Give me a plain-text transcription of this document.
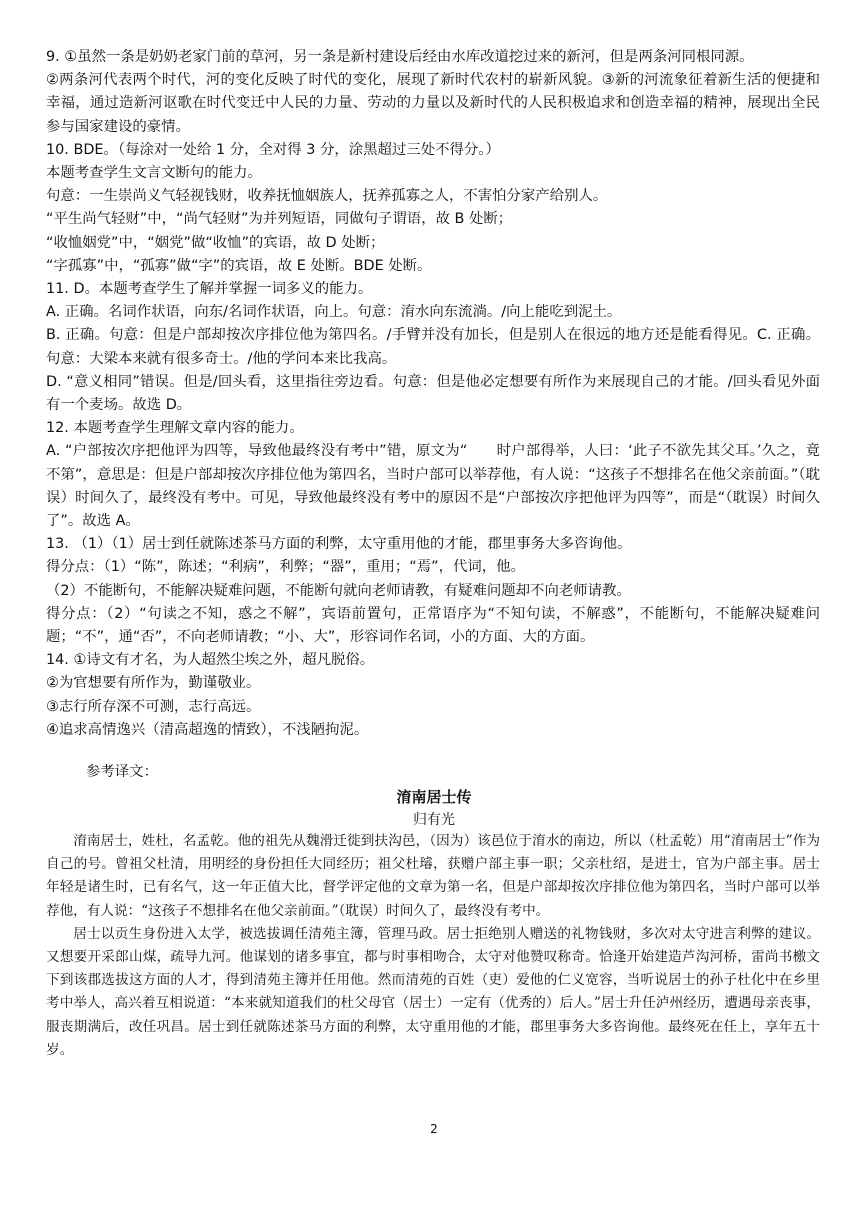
9. ①虽然一条是奶奶老家门前的草河，另一条是新村建设后经由水库改道挖过来的新河，但是两条河同根同源。

②两条河代表两个时代，河的变化反映了时代的变化，展现了新时代农村的崭新风貌。③新的河流象征着新生活的便捷和幸福，通过造新河讴歌在时代变迁中人民的力量、劳动的力量以及新时代的人民积极追求和创造幸福的精神，展现出全民参与国家建设的豪情。

10. BDE。（每涂对一处给 1 分，全对得 3 分，涂黑超过三处不得分。）

本题考查学生文言文断句的能力。

句意：一生崇尚义气轻视钱财，收养抚恤姻族人，抚养孤寡之人，不害怕分家产给别人。

“平生尚气轻财”中，“尚气轻财”为并列短语，同做句子谓语，故 B 处断；

“收恤姻党”中，“姻党”做“收恤”的宾语，故 D 处断；

“字孤寡”中，“孤寡”做“字”的宾语，故 E 处断。BDE 处断。

11. D。本题考查学生了解并掌握一词多义的能力。

A. 正确。名词作状语，向东/名词作状语，向上。句意：淯水向东流淌。/向上能吃到泥土。

B. 正确。句意：但是户部却按次序排位他为第四名。/手臂并没有加长，但是别人在很远的地方还是能看得见。C. 正确。句意：大梁本来就有很多奇士。/他的学问本来比我高。

D. “意义相同”错误。但是/回头看，这里指往旁边看。句意：但是他必定想要有所作为来展现自己的才能。/回头看见外面有一个麦场。故选 D。

12. 本题考查学生理解文章内容的能力。

A. “户部按次序把他评为四等，导致他最终没有考中”错，原文为“　　时户部得举，人曰：‘此子不欲先其父耳。’久之，竟不第”，意思是：但是户部却按次序排位他为第四名，当时户部可以举荐他，有人说：“这孩子不想排名在他父亲前面。”（耽误）时间久了，最终没有考中。可见，导致他最终没有考中的原因不是“户部按次序把他评为四等”，而是“（耽误）时间久了”。故选 A。

13. （1）（1）居士到任就陈述茶马方面的利弊，太守重用他的才能，郡里事务大多咨询他。

得分点：（1）“陈”，陈述；“利病”，利弊；“器”，重用；“焉”，代词，他。

（2）不能断句，不能解决疑难问题，不能断句就向老师请教，有疑难问题却不向老师请教。

得分点：（2）“句读之不知，惑之不解”，宾语前置句，正常语序为“不知句读，不解惑”，不能断句，不能解决疑难问题；“不”，通“否”，不向老师请教；“小、大”，形容词作名词，小的方面、大的方面。

14. ①诗文有才名，为人超然尘埃之外，超凡脱俗。

②为官想要有所作为，勤谨敬业。

③志行所存深不可测，志行高远。

④追求高情逸兴（清高超逸的情致），不浅陋拘泥。

参考译文：
淯南居士传
归有光

淯南居士，姓杜，名孟乾。他的祖先从魏滑迁徙到扶沟邑，（因为）该邑位于淯水的南边，所以（杜孟乾）用“淯南居士”作为自己的号。曾祖父杜清，用明经的身份担任大同经历；祖父杜璿，获赠户部主事一职；父亲杜绍，是进士，官为户部主事。居士年轻是诸生时，已有名气，这一年正值大比，督学评定他的文章为第一名，但是户部却按次序排位他为第四名，当时户部可以举荐他，有人说：“这孩子不想排名在他父亲前面。”（耽误）时间久了，最终没有考中。

居士以贡生身份进入太学，被选拔调任清苑主簿，管理马政。居士拒绝别人赠送的礼物钱财，多次对太守进言利弊的建议。又想要开采郎山煤，疏导九河。他谋划的诸多事宜，都与时事相吻合，太守对他赞叹称奇。恰逢开始建造芦沟河桥，雷尚书檄文下到该郡选拔这方面的人才，得到清苑主簿并任用他。然而清苑的百姓（吏）爱他的仁义宽容，当听说居士的孙子杜化中在乡里考中举人，高兴着互相说道：“本来就知道我们的杜父母官（居士）一定有（优秀的）后人。”居士升任泸州经历，遭遇母亲丧事，服丧期满后，改任巩昌。居士到任就陈述茶马方面的利弊，太守重用他的才能，郡里事务大多咨询他。最终死在任上，享年五十岁。

2
